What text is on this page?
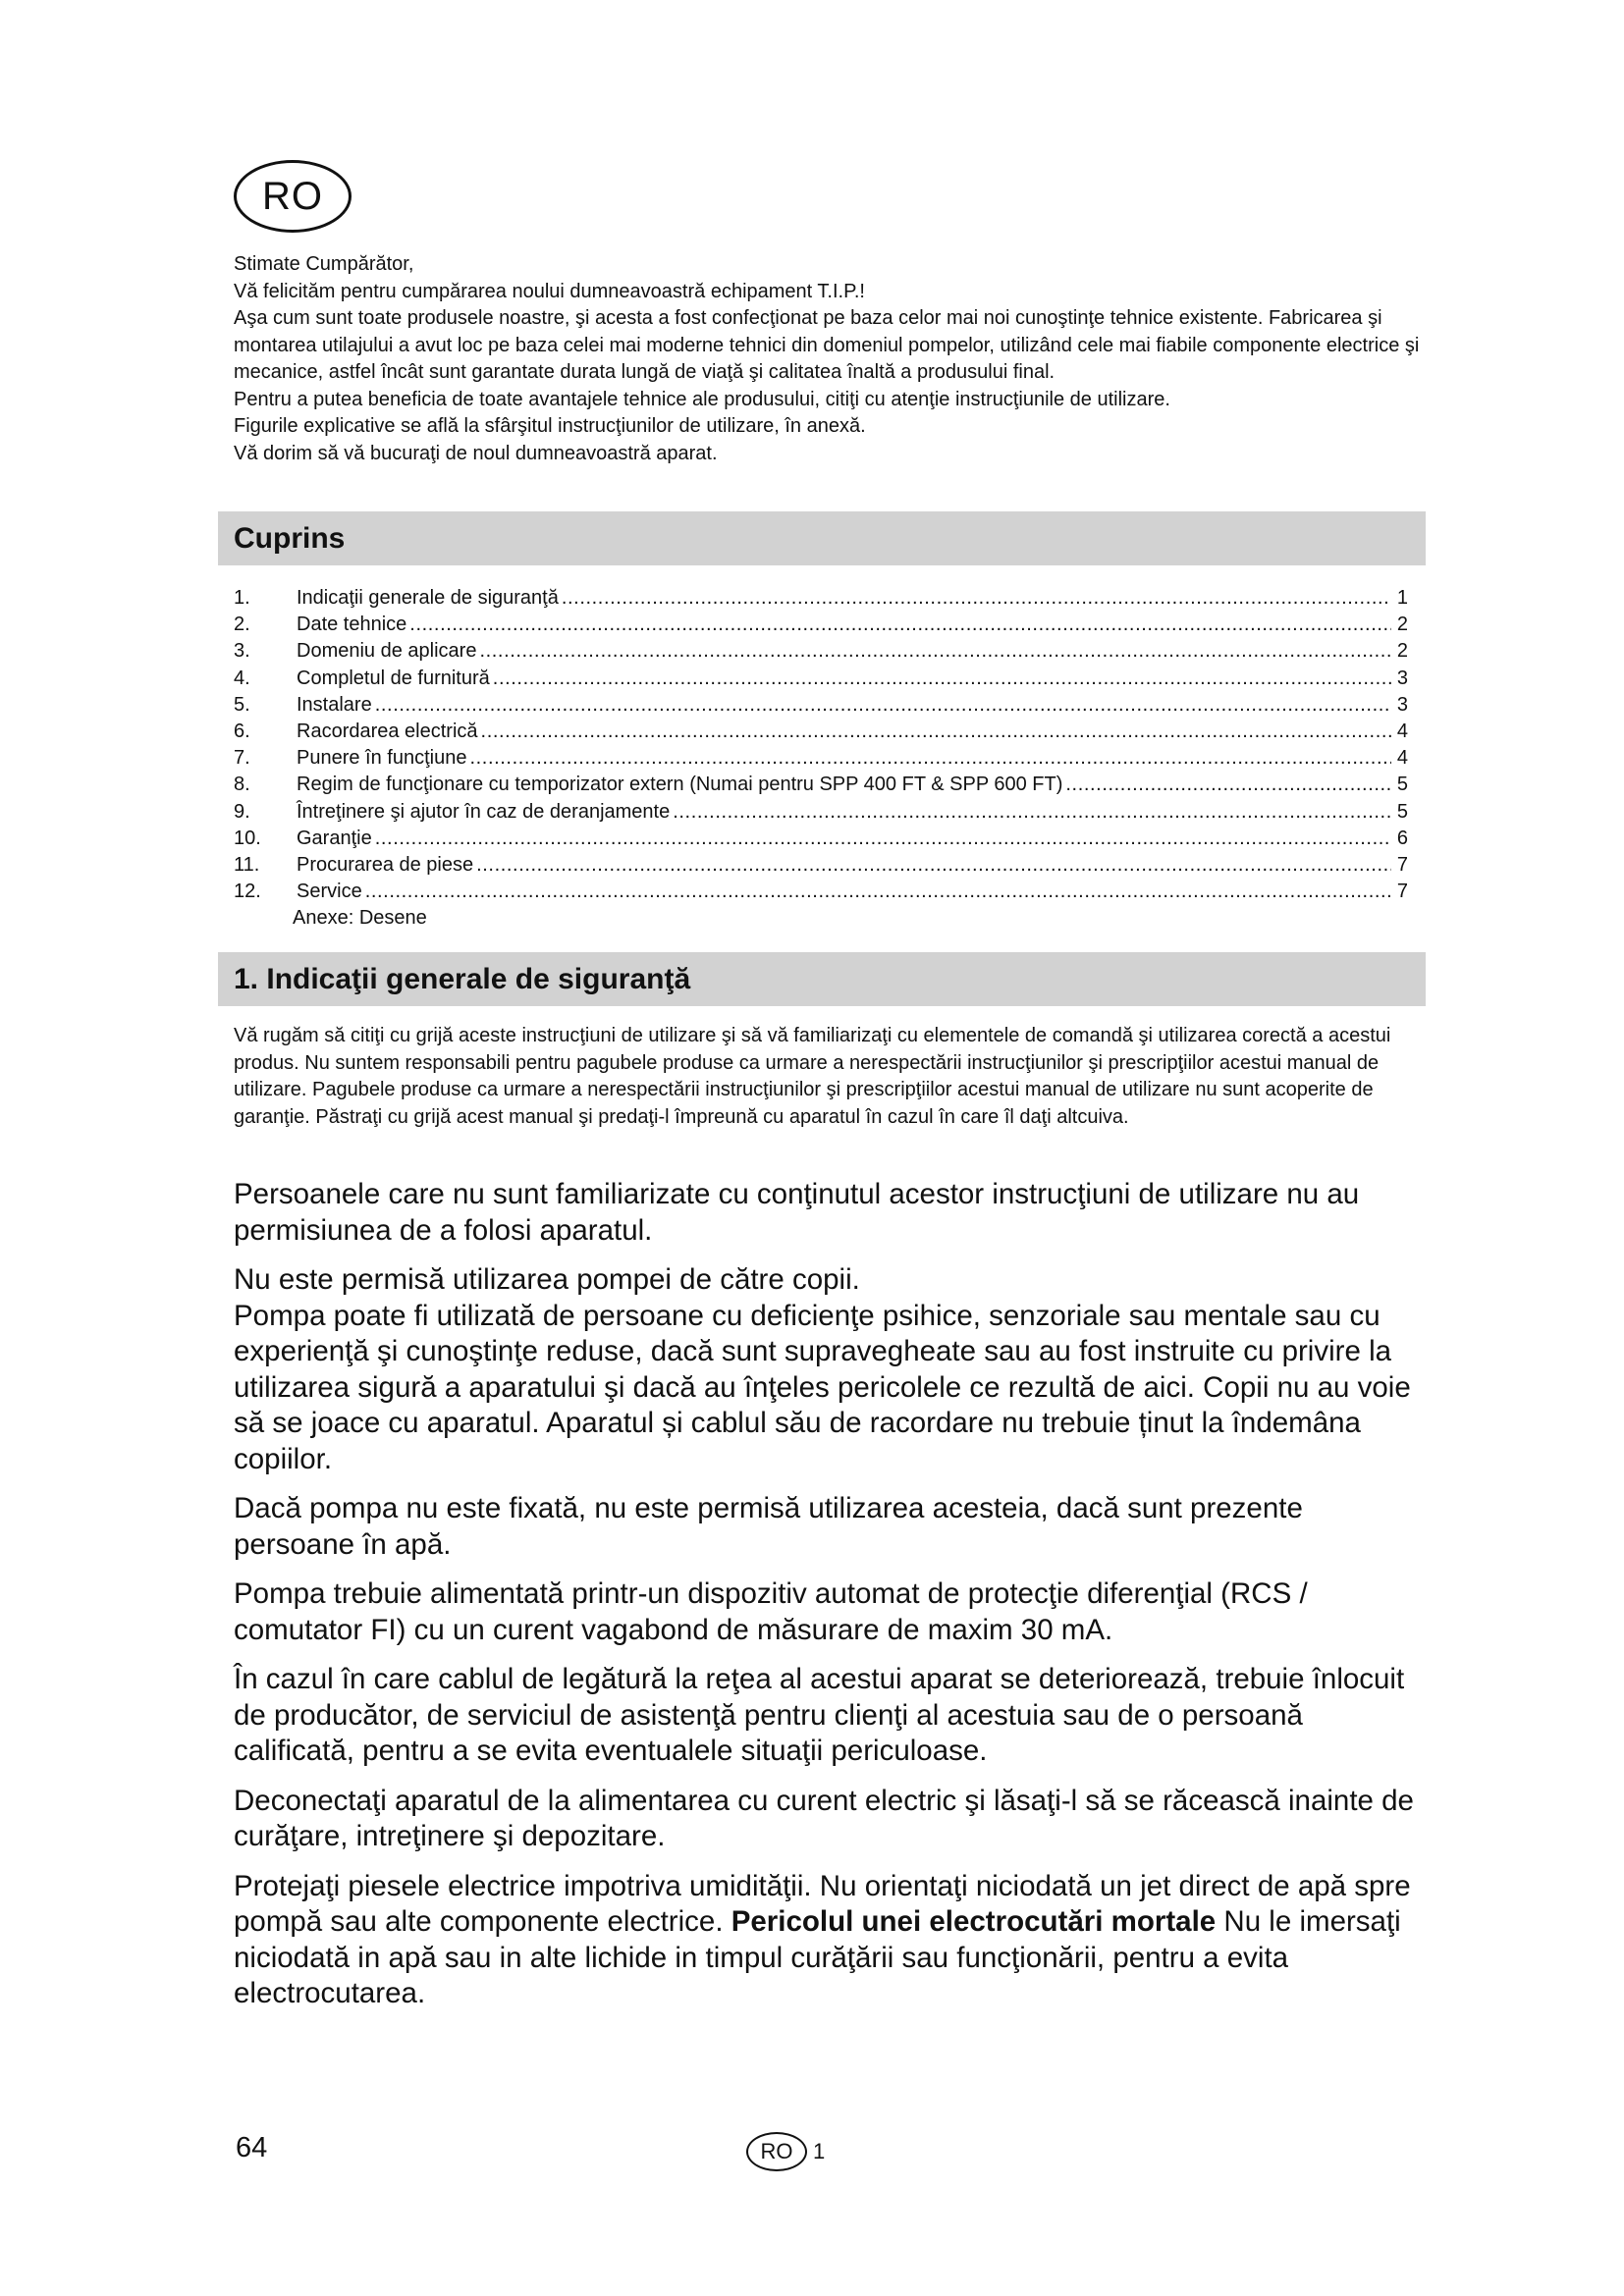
RO

Stimate Cumpărător,

Vă felicităm pentru cumpărarea noului dumneavoastră echipament T.I.P.!

Aşa cum sunt toate produsele noastre, şi acesta a fost confecţionat pe baza celor mai noi cunoştinţe tehnice existente. Fabricarea şi montarea utilajului a avut loc pe baza celei mai moderne tehnici din domeniul pompelor, utilizând cele mai fiabile componente electrice şi mecanice, astfel încât sunt garantate durata lungă de viaţă şi calitatea înaltă a produsului final.

Pentru a putea beneficia de toate avantajele tehnice ale produsului, citiţi cu atenţie instrucţiunile de utilizare.

Figurile explicative se află la sfârşitul instrucţiunilor de utilizare, în anexă.

Vă dorim să vă bucuraţi de noul dumneavoastră aparat.

Cuprins
1.	Indicaţii generale de siguranţă .....	1
2.	Date tehnice .....	2
3.	Domeniu de aplicare .....	2
4.	Completul de furnitură .....	3
5.	Instalare .....	3
6.	Racordarea electrică .....	4
7.	Punere în funcţiune .....	4
8.	Regim de funcţionare cu temporizator extern (Numai pentru SPP 400 FT & SPP 600 FT) .....	5
9.	Întreţinere şi ajutor în caz de deranjamente .....	5
10.	Garanţie .....	6
11.	Procurarea de piese .....	7
12.	Service .....	7
Anexe: Desene
1. Indicaţii generale de siguranţă

Vă rugăm să citiţi cu grijă aceste instrucţiuni de utilizare şi să vă familiarizaţi cu elementele de comandă şi utilizarea corectă a acestui produs. Nu suntem responsabili pentru pagubele produse ca urmare a nerespectării instrucţiunilor şi prescripţiilor acestui manual de utilizare. Pagubele produse ca urmare a nerespectării instrucţiunilor şi prescripţiilor acestui manual de utilizare nu sunt acoperite de garanţie. Păstraţi cu grijă acest manual şi predaţi-l împreună cu aparatul în cazul în care îl daţi altcuiva.

Persoanele care nu sunt familiarizate cu conţinutul acestor instrucţiuni de utilizare nu au permisiunea de a folosi aparatul.

Nu este permisă utilizarea pompei de către copii.

Pompa poate fi utilizată de persoane cu deficienţe psihice, senzoriale sau mentale sau cu experienţă şi cunoştinţe reduse, dacă sunt supravegheate sau au fost instruite cu privire la utilizarea sigură a aparatului şi dacă au înţeles pericolele ce rezultă de aici. Copii nu au voie să se joace cu aparatul. Aparatul și cablul său de racordare nu trebuie ținut la îndemâna copiilor.

Dacă pompa nu este fixată, nu este permisă utilizarea acesteia, dacă sunt prezente persoane în apă.

Pompa trebuie alimentată printr-un dispozitiv automat de protecţie diferenţial (RCS / comutator FI) cu un curent vagabond de măsurare de maxim 30 mA.

În cazul în care cablul de legătură la reţea al acestui aparat se deteriorează, trebuie înlocuit de producător, de serviciul de asistenţă pentru clienţi al acestuia sau de o persoană calificată, pentru a se evita eventualele situaţii periculoase.

Deconectaţi aparatul de la alimentarea cu curent electric şi lăsaţi-l să se răcească inainte de curăţare, intreţinere şi depozitare.

Protejaţi piesele electrice impotriva umidităţii. Nu orientaţi niciodată un jet direct de apă spre pompă sau alte componente electrice. Pericolul unei electrocutări mortale Nu le imersaţi niciodată in apă sau in alte lichide in timpul curăţării sau funcţionării, pentru a evita electrocutarea.

64	RO 1
